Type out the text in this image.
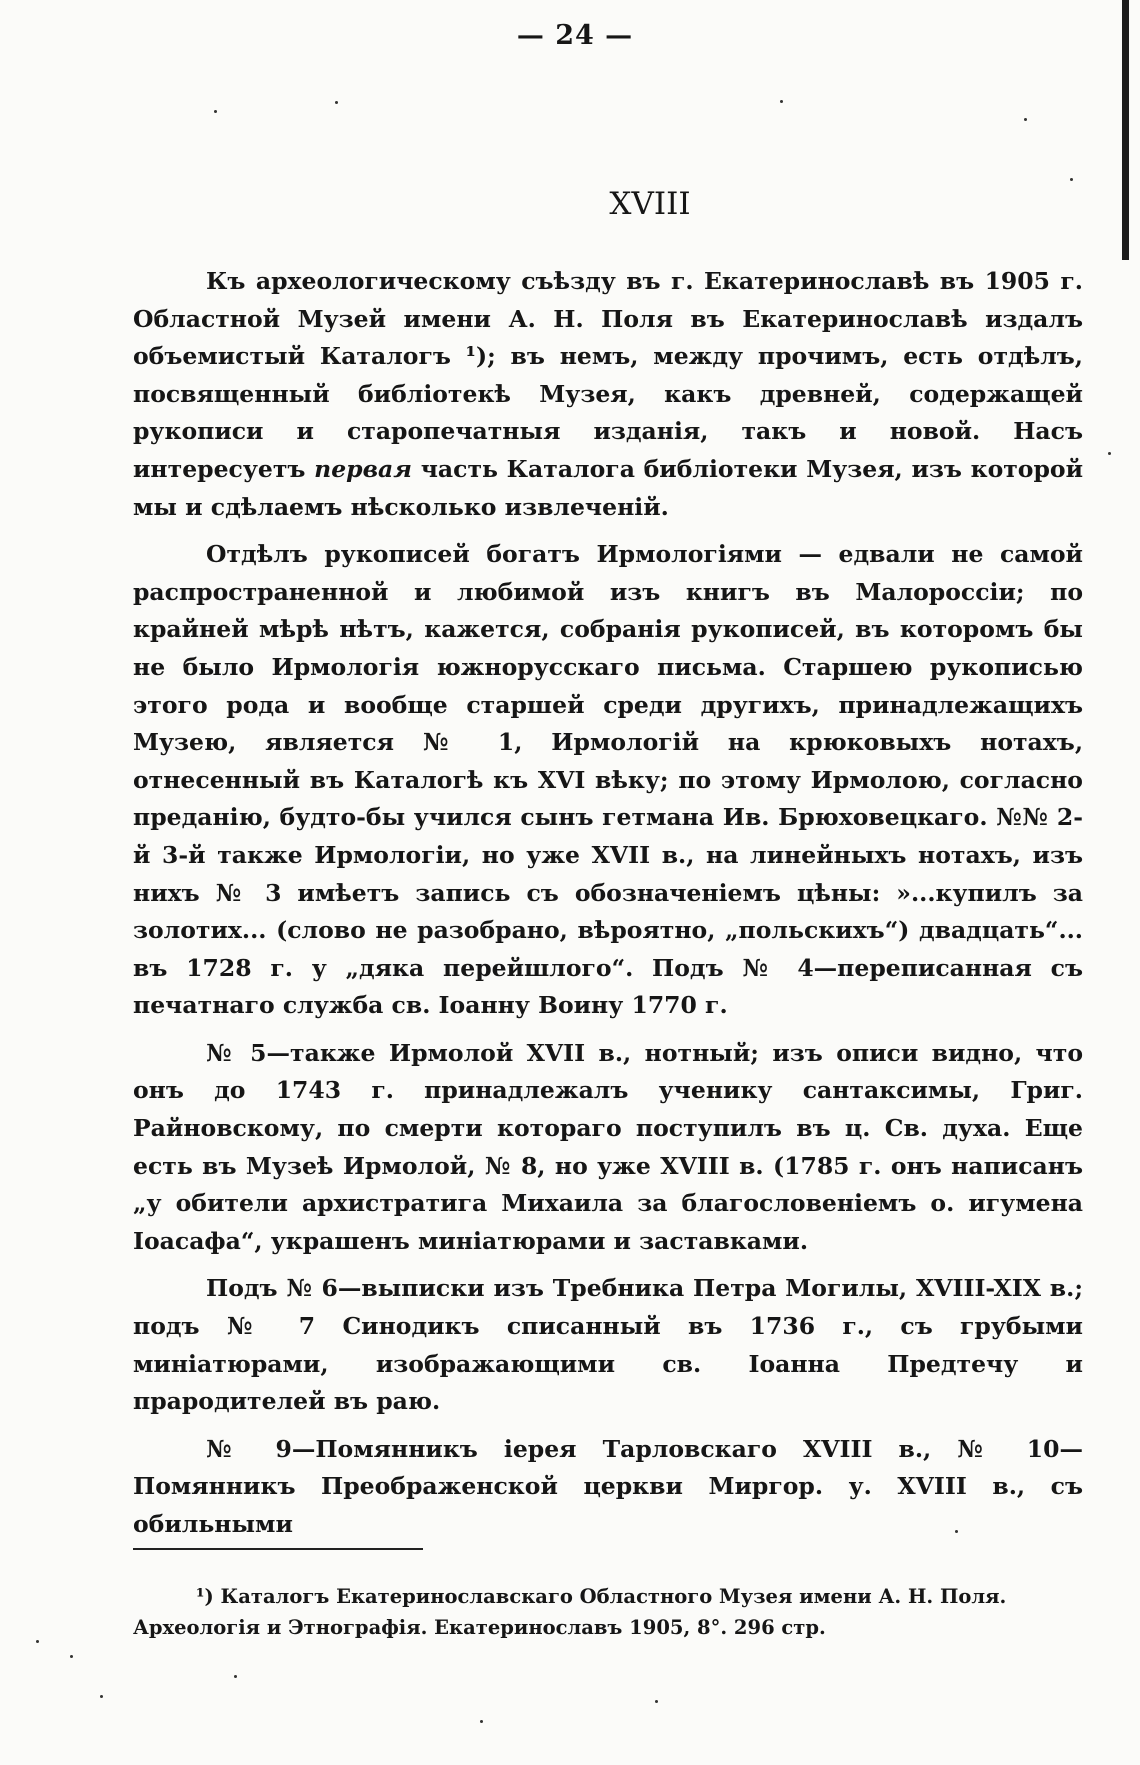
— 24 —
XVIII

Къ археологическому съѣзду въ г. Екатеринославѣ въ 1905 г. Областной Музей имени А. Н. Поля въ Екатеринославѣ издалъ объемистый Каталогъ ¹); въ немъ, между прочимъ, есть отдѣлъ, посвященный библіотекѣ Музея, какъ древней, содержащей рукописи и старопечатныя изданія, такъ и новой. Насъ интересуетъ первая часть Каталога библіотеки Музея, изъ которой мы и сдѣлаемъ нѣсколько извлеченій.

Отдѣлъ рукописей богатъ Ирмологіями — едвали не самой распространенной и любимой изъ книгъ въ Малороссіи; по крайней мѣрѣ нѣтъ, кажется, собранія рукописей, въ которомъ бы не было Ирмологія южнорусскаго письма. Старшею рукописью этого рода и вообще старшей среди другихъ, принадлежащихъ Музею, является № 1, Ирмологій на крюковыхъ нотахъ, отнесенный въ Каталогѣ къ XVI вѣку; по этому Ирмолою, согласно преданію, будто-бы учился сынъ гетмана Ив. Брюховецкаго. №№ 2-й 3-й также Ирмологіи, но уже XVII в., на линейныхъ нотахъ, изъ нихъ № 3 имѣетъ запись съ обозначеніемъ цѣны: »...купилъ за золотих... (слово не разобрано, вѣроятно, „польскихъ“) двадцать“... въ 1728 г. у „дяка перейшлого“. Подъ № 4—переписанная съ печатнаго служба св. Іоанну Воину 1770 г.

№ 5—также Ирмолой XVII в., нотный; изъ описи видно, что онъ до 1743 г. принадлежалъ ученику сантаксимы, Григ. Райновскому, по смерти котораго поступилъ въ ц. Св. духа. Еще есть въ Музеѣ Ирмолой, № 8, но уже XVIII в. (1785 г. онъ написанъ „у обители архистратига Михаила за благословеніемъ о. игумена Іоасафа“, украшенъ миніатюрами и заставками.

Подъ № 6—выписки изъ Требника Петра Могилы, XVIII-XIX в.; подъ № 7 Синодикъ списанный въ 1736 г., съ грубыми миніатюрами, изображающими св. Іоанна Предтечу и прародителей въ раю.

№ 9—Помянникъ іерея Тарловскаго XVIII в., № 10—Помянникъ Преображенской церкви Миргор. у. XVIII в., съ обильными

¹) Каталогъ Екатеринославскаго Областного Музея имени А. Н. Поля.
Археологія и Этнографія. Екатеринославъ 1905, 8°. 296 стр.
